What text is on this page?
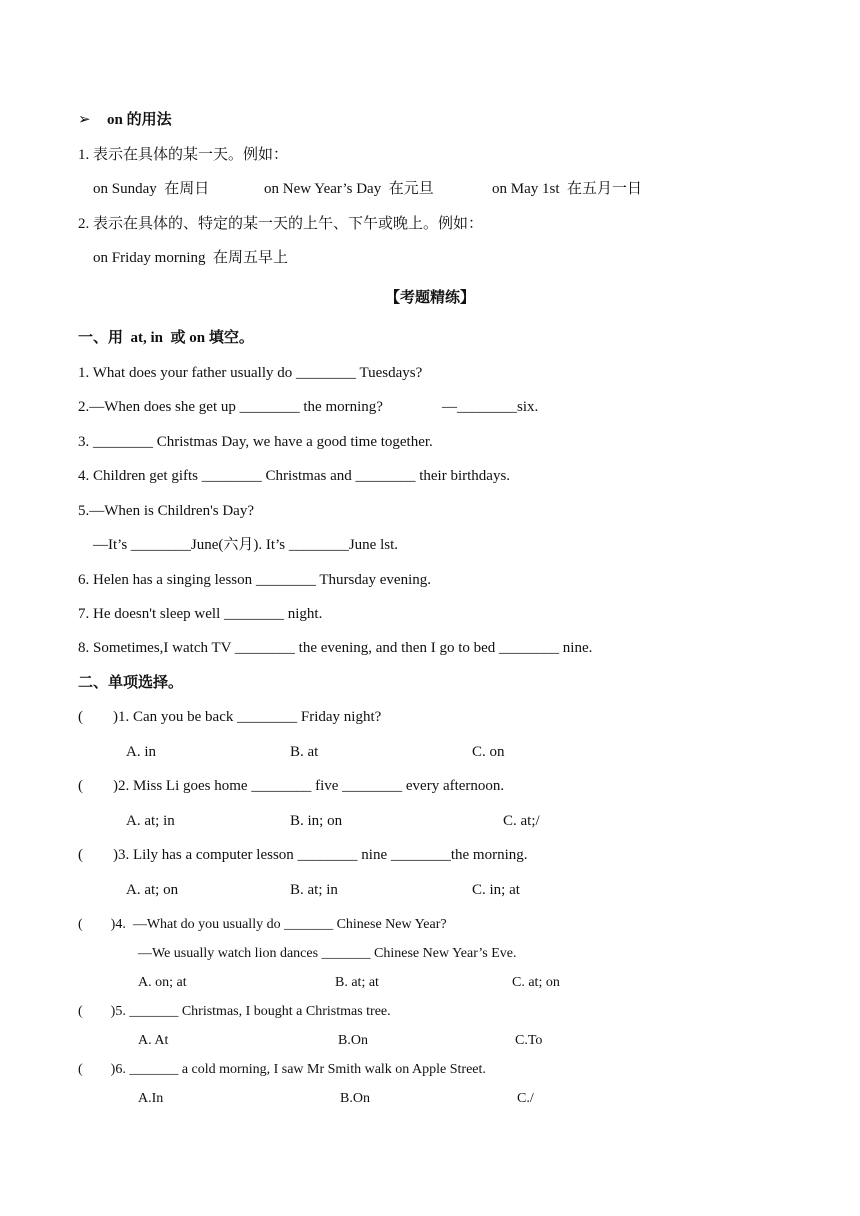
➢ on 的用法
1. 表示在具体的某一天。例如：
on Sunday  在周日	on New Year’s Day  在元旦	on May 1st  在五月一日
2. 表示在具体的、特定的某一天的上午、下午或晚上。例如：
on Friday morning  在周五早上
【考题精练】
一、用  at, in  或 on 填空。
1. What does your father usually do ________ Tuesdays?
2.—When does she get up ________ the morning?	—________six.
3. ________ Christmas Day, we have a good time together.
4. Children get gifts ________ Christmas and ________ their birthdays.
5.—When is Children's Day?
—It’s ________June(六月). It’s ________June lst.
6. Helen has a singing lesson ________ Thursday evening.
7. He doesn't sleep well ________ night.
8. Sometimes,I watch TV ________ the evening, and then I go to bed ________ nine.
二、单项选择。
(        )1. Can you be back ________ Friday night?
A. in	B. at	C. on
(        )2. Miss Li goes home ________ five ________ every afternoon.
A. at; in	B. in; on	C. at;/
(        )3. Lily has a computer lesson ________ nine ________the morning.
A. at; on	B. at; in	C. in; at
(        )4.  —What do you usually do _______ Chinese New Year?
—We usually watch lion dances _______ Chinese New Year’s Eve.
A. on; at	B. at; at	C. at; on
(        )5. _______ Christmas, I bought a Christmas tree.
A. At	B.On	C.To
(        )6. _______ a cold morning, I saw Mr Smith walk on Apple Street.
A.In	B.On	C./
